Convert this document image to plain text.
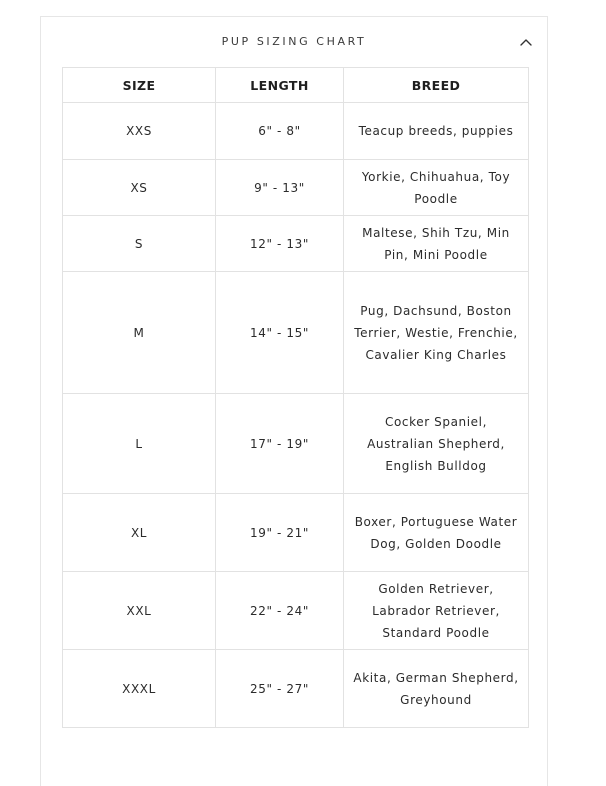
PUP SIZING CHART
SIZE	LENGTH	BREED
XXS	6" - 8"	Teacup breeds, puppies
XS	9" - 13"	Yorkie, Chihuahua, Toy Poodle
S	12" - 13"	Maltese, Shih Tzu, Min Pin, Mini Poodle
M	14" - 15"	Pug, Dachsund, Boston Terrier, Westie, Frenchie, Cavalier King Charles
L	17" - 19"	Cocker Spaniel, Australian Shepherd, English Bulldog
XL	19" - 21"	Boxer, Portuguese Water Dog, Golden Doodle
XXL	22" - 24"	Golden Retriever, Labrador Retriever, Standard Poodle
XXXL	25" - 27"	Akita, German Shepherd, Greyhound
